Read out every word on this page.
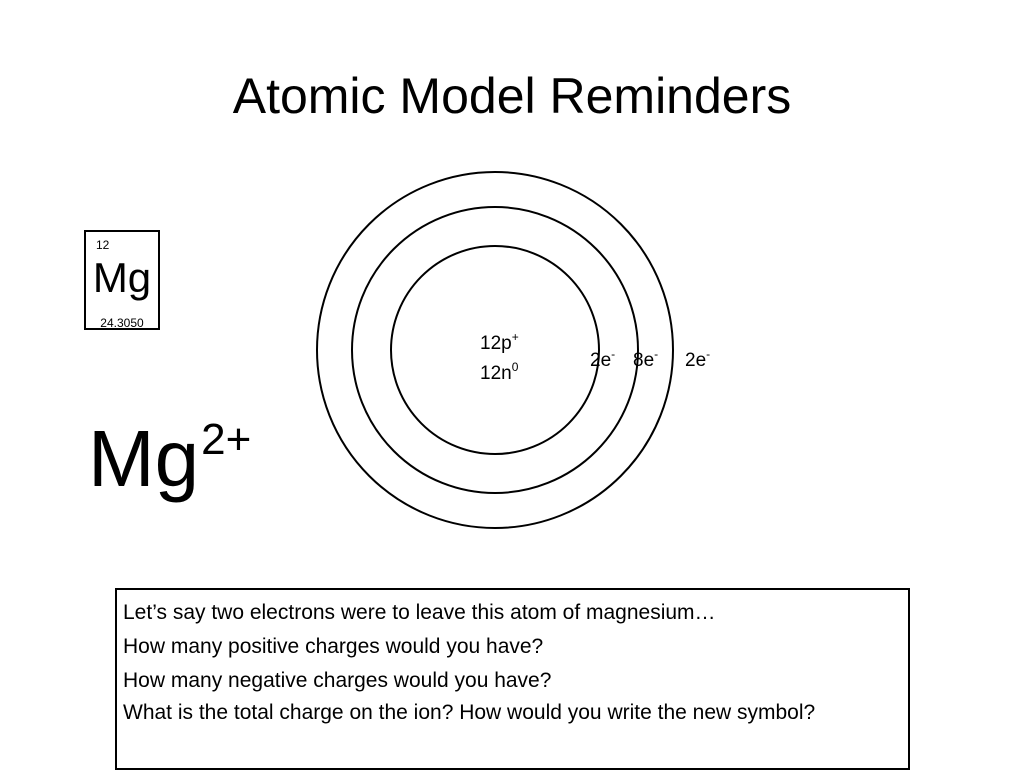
Atomic Model Reminders
12
Mg
24.3050
$Mg^{2+}$
12p+
$12n^0$	2e- 8e- 2e-

Let’s say two electrons were to leave this atom of magnesium…

How many positive charges would you have?

How many negative charges would you have?

What is the total charge on the ion? How would you write the new symbol?
